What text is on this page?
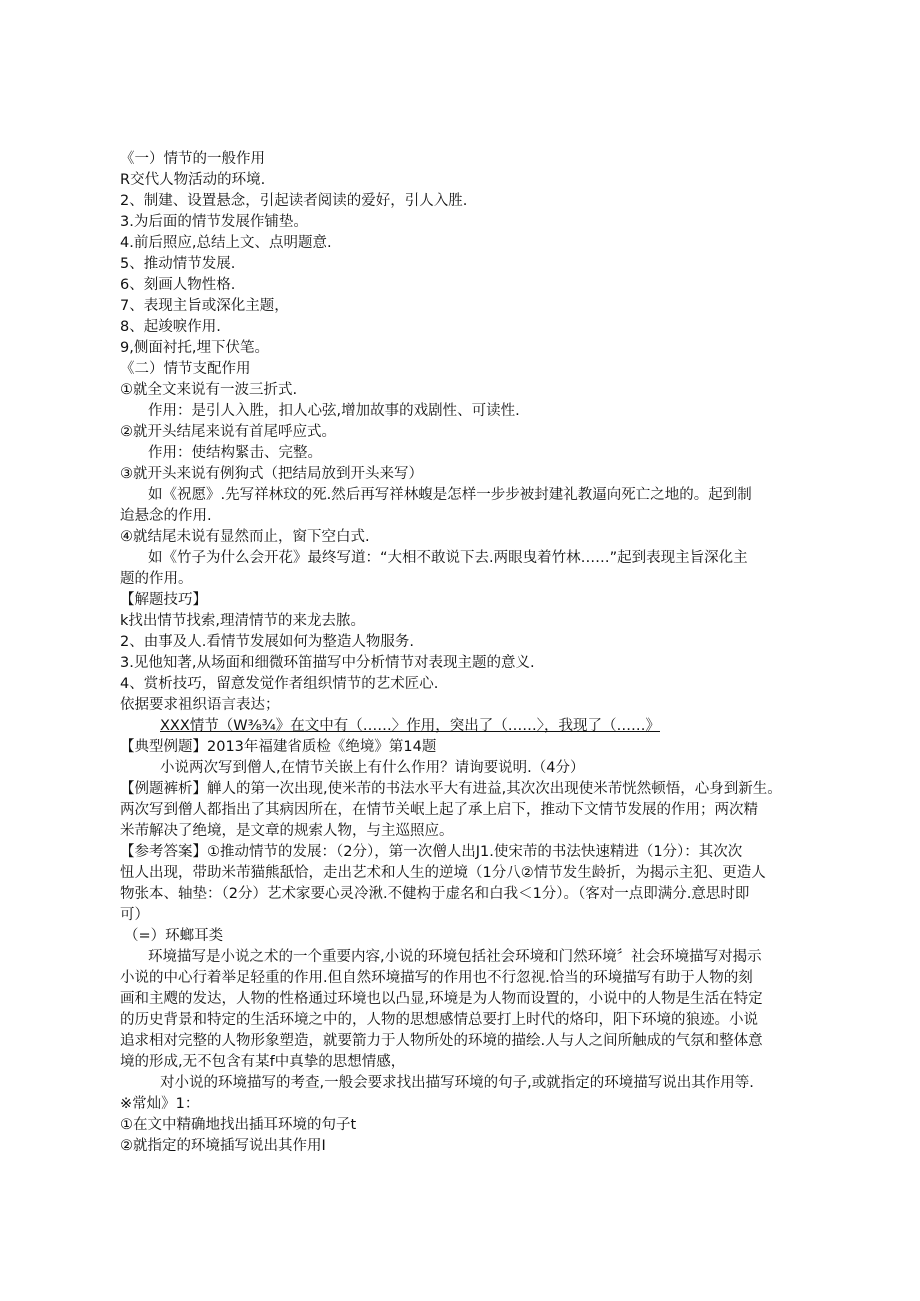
《一）情节的一般作用
R交代人物活动的环境.
2、制建、设置悬念，引起读者阅读的爱好，引人入胜.
3.为后面的情节发展作铺垫。
4.前后照应,总结上文、点明题意.
5、推动情节发展.
6、刻画人物性格.
7、表现主旨或深化主题，
8、起竣唳作用.
9,侧面衬托,埋下伏笔。
《二）情节支配作用
①就全文来说有一波三折式.
作用：是引人入胜，扣人心弦,增加故事的戏剧性、可读性.
②就开头结尾来说有首尾呼应式。
作用：使结构緊击、完整。
③就开头来说有例狗式（把结局放到开头来写）
如《祝愿》.先写祥林玟的死.然后再写祥林蝮是怎样一步步被封建礼教逼向死亡之地的。起到制
迨悬念的作用.
④就结尾未说有显然而止，窗下空白式.
如《竹子为什么会开花》最终写道：“大相不敢说下去.两眼曳着竹林……”起到表现主旨深化主
题的作用。
【解题技巧】
k找出情节找索,理清情节的来龙去脓。
2、由事及人.看情节发展如何为整造人物服务.
3.见他知著,从场面和细微环笛描写中分析情节对表现主题的意义.
4、赏析技巧，留意发觉作者组织情节的艺术匠心.
依据要求祖织语言表达；
XXX情节（W⅜¾》在文中有（……〉作用，突出了（……〉，我现了（……》
【典型例题】2013年福建省质检《绝境》第14题
小说两次写到僧人,在情节关嵌上有什么作用？请询要说明.（4分）
【例题裤析】觯人的第一次出现,使米芾的书法水平大有进益,其次次出现使米芾恍然顿悟，心身到新生。
两次写到僧人都指出了其病因所在，在情节关岷上起了承上启下，推动下文情节发展的作用；两次精
米芾解决了绝境，是文章的规索人物，与主巡照应。
【参考答案】①推动情节的发展：（2分），第一次僧人出J1.使宋芾的书法快速精进（1分）：其次次
忸人出现，带助米芾猫熊舐恰，走出艺术和人生的逆境（1分八②情节发生龄折，为揭示主犯、更造人
物张本、轴垫：（2分）艺术家要心灵冷湫.不健构于虚名和白我＜1分）。（客对一点即满分.意思时即
可）
（=）环螂耳类
环境描写是小说之术的一个重要内容,小说的环境包括社会环境和门然环境〞社会环境描写对揭示
小说的中心行着举足轻重的作用.但自然环境描写的作用也不行忽视.恰当的环境描写有助于人物的刻
画和主飕的发达，人物的性格通过环境也以凸显,环境是为人物而设置的，小说中的人物是生活在特定
的历史背景和特定的生活环境之中的，人物的思想感情总要打上时代的烙印，阳下环境的狼迹。小说
追求相对完整的人物形象塑造，就要箭力于人物所处的环境的描绘.人与人之间所触成的气氛和整体意
境的形成,无不包含有某f中真挚的思想情感，
对小说的环境描写的考查,一般会要求找出描写环境的句子,或就指定的环境描写说出其作用等.
※常灿》1：
①在文中精确地找出插耳环境的句子t
②就指定的环境插写说出其作用I
